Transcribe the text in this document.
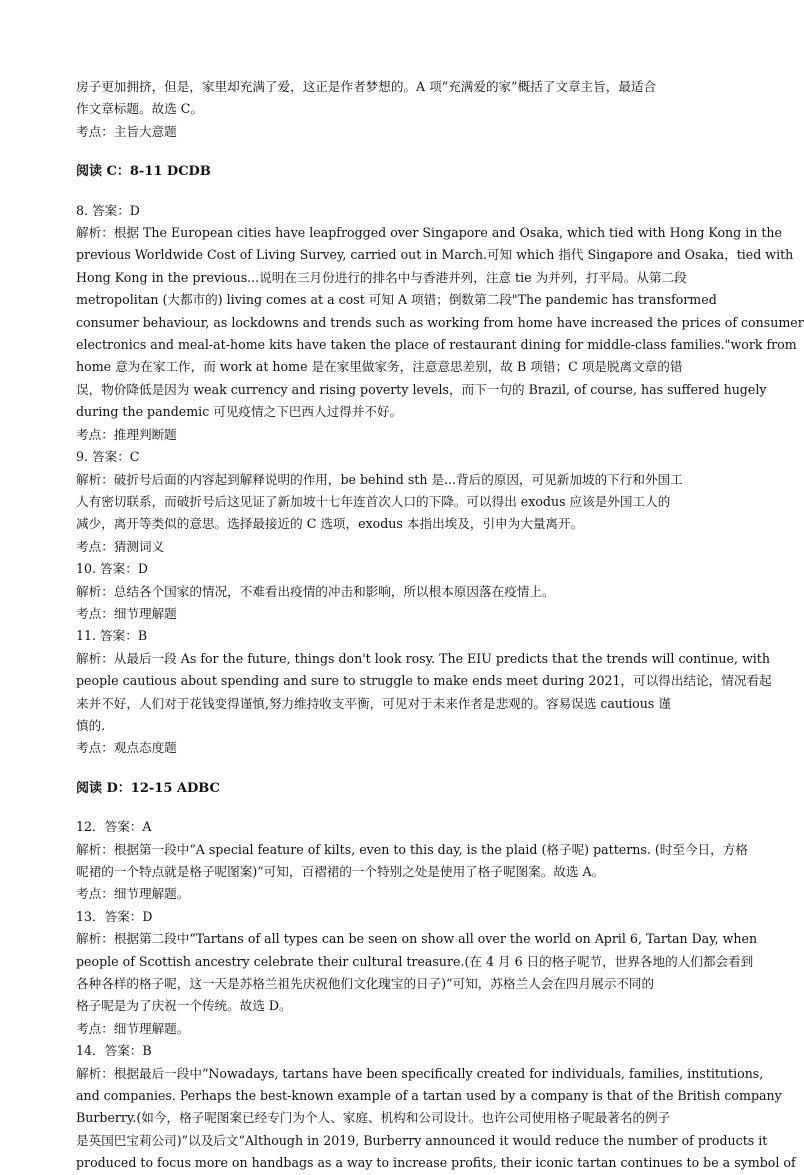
房子更加拥挤，但是，家里却充满了爱，这正是作者梦想的。A 项“充满爱的家”概括了文章主旨，最适合
作文章标题。故选 C。
考点：主旨大意题
阅读 C：8-11 DCDB
8. 答案：D
解析：根据 The European cities have leapfrogged over Singapore and Osaka, which tied with Hong Kong in the
previous Worldwide Cost of Living Survey, carried out in March.可知 which 指代 Singapore and Osaka，tied with
Hong Kong in the previous...说明在三月份进行的排名中与香港并列，注意 tie 为并列，打平局。从第二段
metropolitan (大都市的) living comes at a cost 可知 A 项错；倒数第二段"The pandemic has transformed
consumer behaviour, as lockdowns and trends such as working from home have increased the prices of consumer
electronics and meal-at-home kits have taken the place of restaurant dining for middle-class families."work from
home 意为在家工作，而 work at home 是在家里做家务，注意意思差别，故 B 项错；C 项是脱离文章的错
误，物价降低是因为 weak currency and rising poverty levels，而下一句的 Brazil, of course, has suffered hugely
during the pandemic 可见疫情之下巴西人过得并不好。
考点：推理判断题
9. 答案：C
解析：破折号后面的内容起到解释说明的作用，be behind sth 是...背后的原因，可见新加坡的下行和外国工
人有密切联系，而破折号后这见证了新加坡十七年连首次人口的下降。可以得出 exodus 应该是外国工人的
减少，离开等类似的意思。选择最接近的 C 选项，exodus 本指出埃及，引申为大量离开。
考点：猜测词义
10. 答案：D
解析：总结各个国家的情况，不难看出疫情的冲击和影响，所以根本原因落在疫情上。
考点：细节理解题
11. 答案：B
解析：从最后一段 As for the future, things don't look rosy. The EIU predicts that the trends will continue, with
people cautious about spending and sure to struggle to make ends meet during 2021，可以得出结论，情况看起
来并不好，人们对于花钱变得谨慎,努力维持收支平衡，可见对于未来作者是悲观的。容易误选 cautious 谨
慎的.
考点：观点态度题
阅读 D：12-15 ADBC
12．答案：A
解析：根据第一段中“A special feature of kilts, even to this day, is the plaid (格子呢) patterns. (时至今日，方格
呢裙的一个特点就是格子呢图案)”可知，百褶裙的一个特别之处是使用了格子呢图案。故选 A。
考点：细节理解题。
13．答案：D
解析：根据第二段中“Tartans of all types can be seen on show all over the world on April 6, Tartan Day, when
people of Scottish ancestry celebrate their cultural treasure.(在 4 月 6 日的格子呢节，世界各地的人们都会看到
各种各样的格子呢，这一天是苏格兰祖先庆祝他们文化瑰宝的日子)”可知，苏格兰人会在四月展示不同的
格子呢是为了庆祝一个传统。故选 D。
考点：细节理解题。
14．答案：B
解析：根据最后一段中“Nowadays, tartans have been specifically created for individuals, families, institutions,
and companies. Perhaps the best-known example of a tartan used by a company is that of the British company
Burberry.(如今，格子呢图案已经专门为个人、家庭、机构和公司设计。也许公司使用格子呢最著名的例子
是英国巴宝莉公司)”以及后文“Although in 2019, Burberry announced it would reduce the number of products it
produced to focus more on handbags as a way to increase profits, their iconic tartan continues to be a symbol of
